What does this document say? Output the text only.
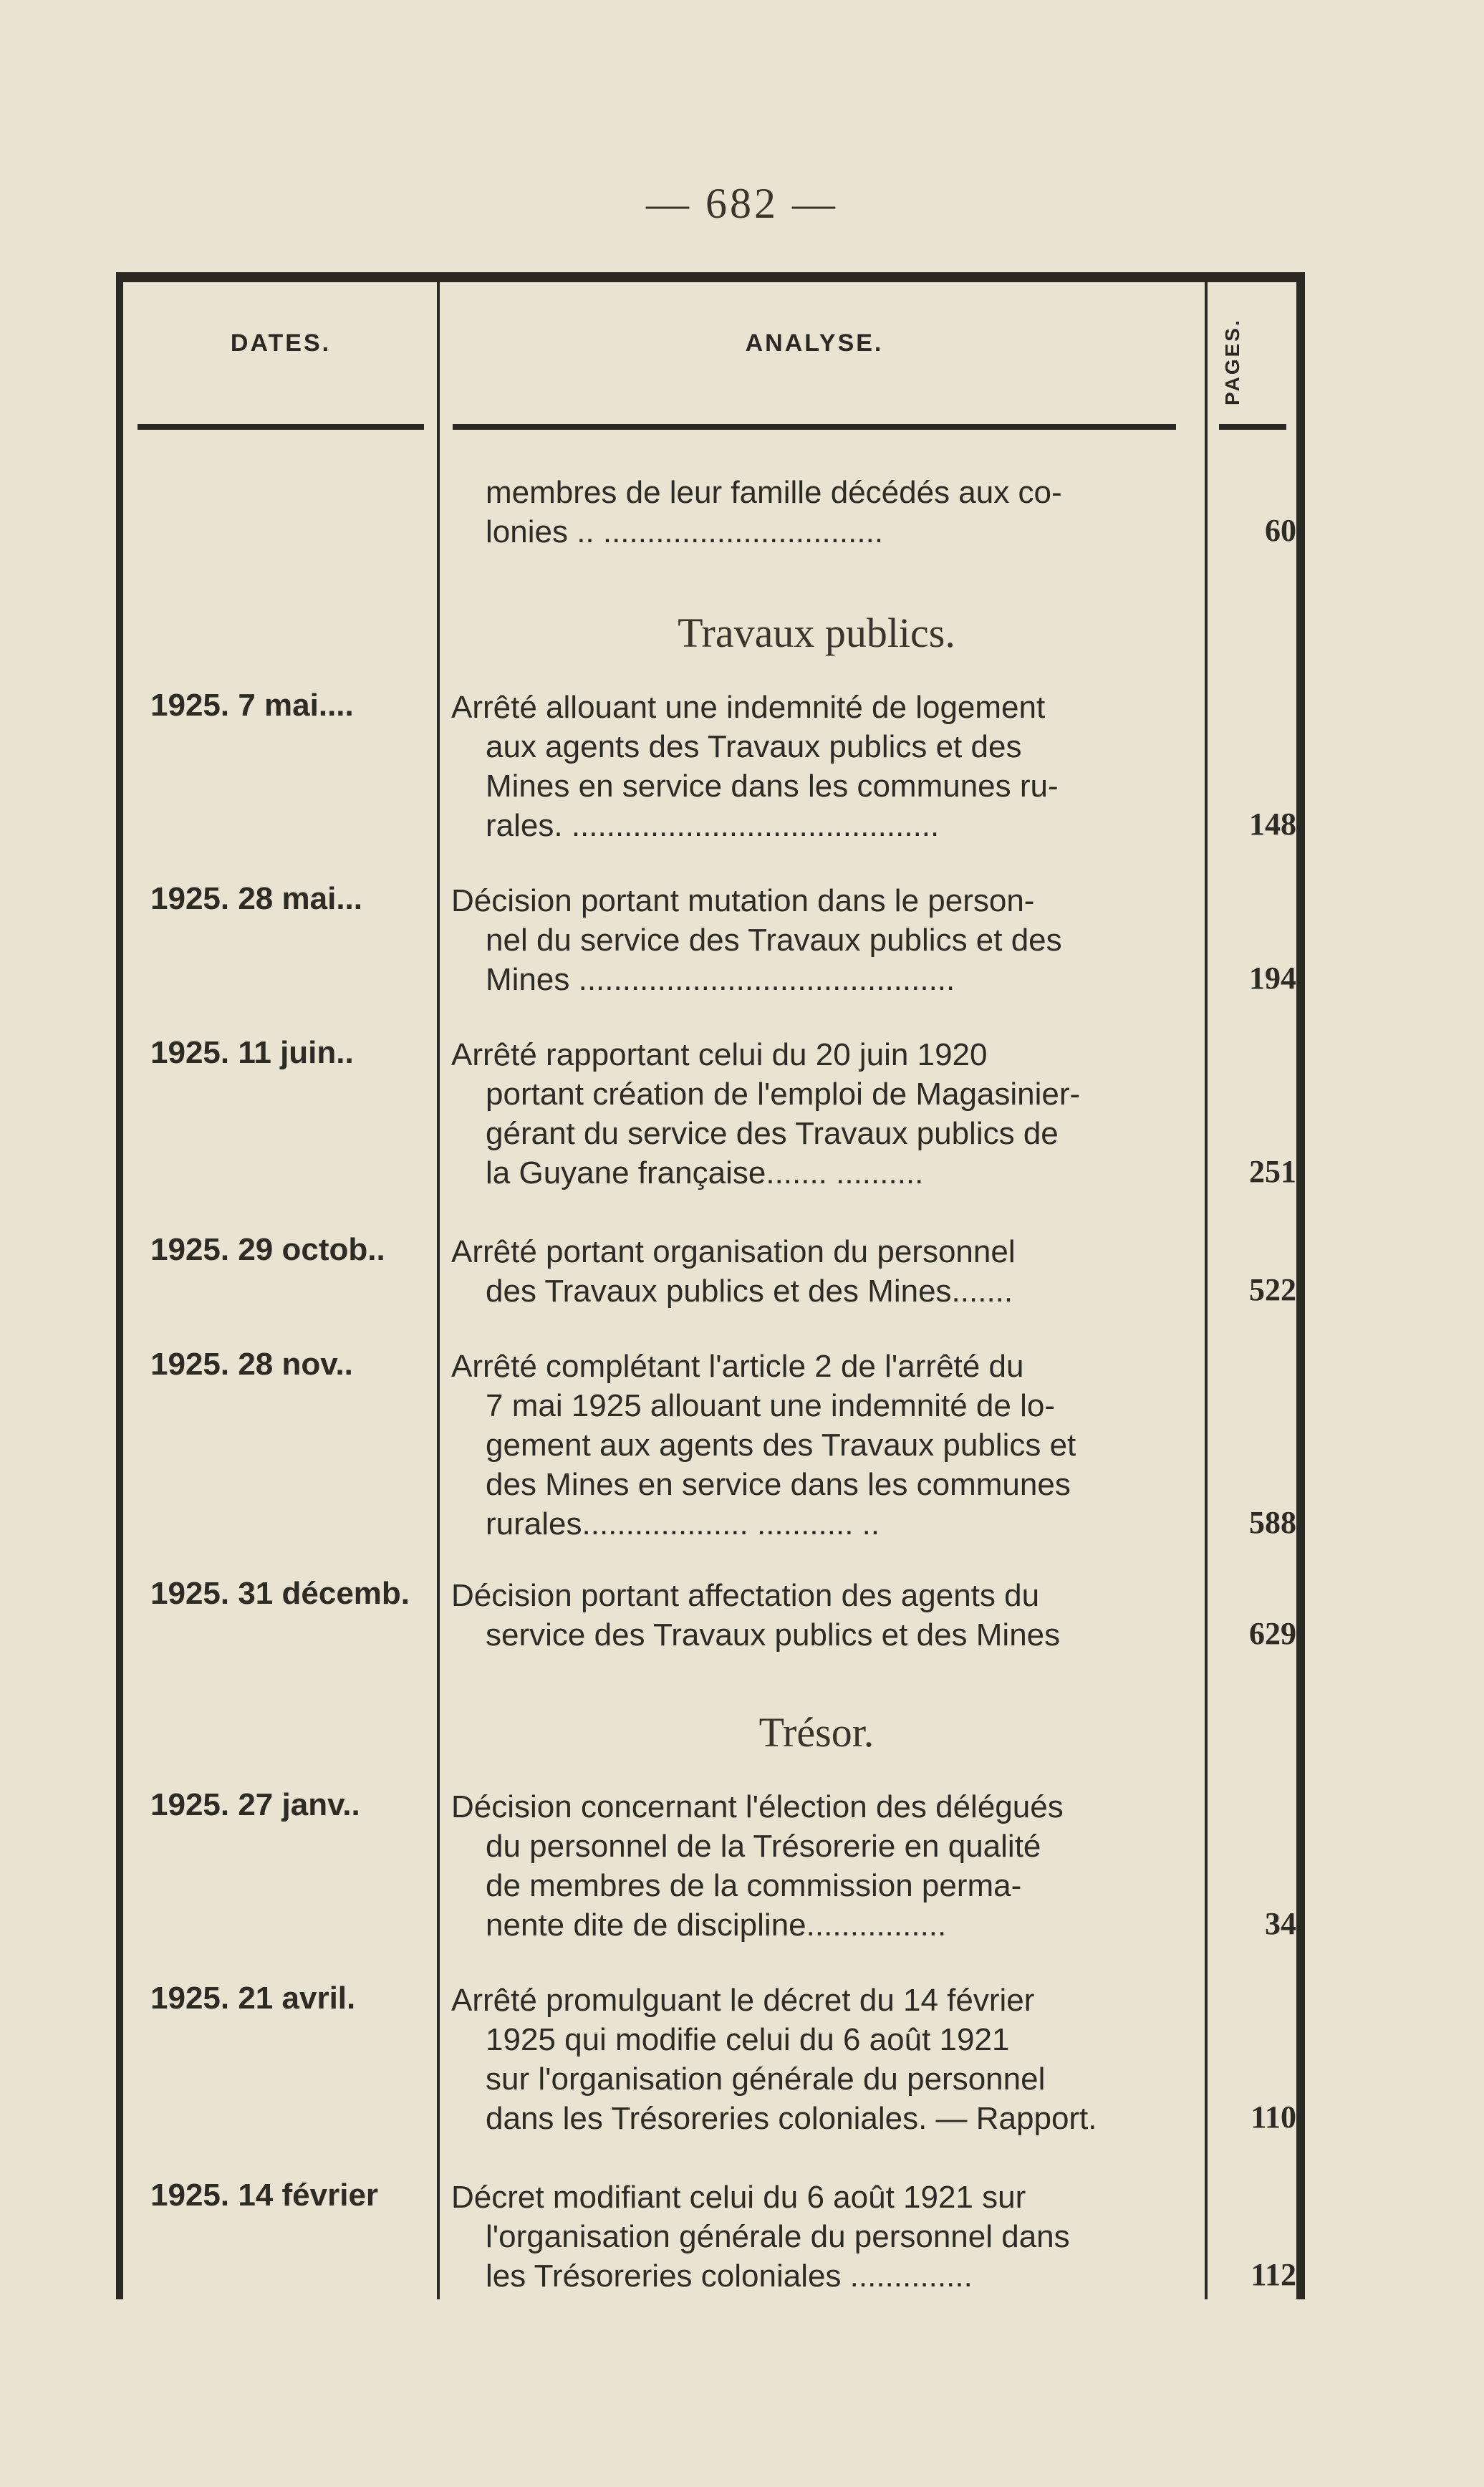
— 682 —
DATES.	ANALYSE.	PAGES.
membres de leur famille décédés aux co-
lonies .. ................................	60
Travaux publics.
1925. 7 mai....	Arrêté allouant une indemnité de logement
aux agents des Travaux publics et des
Mines en service dans les communes ru-
rales. ..........................................	148
1925. 28 mai...	Décision portant mutation dans le person-
nel du service des Travaux publics et des
Mines ...........................................	194
1925. 11 juin..	Arrêté rapportant celui du 20 juin 1920
portant création de l'emploi de Magasinier-
gérant du service des Travaux publics de
la Guyane française....... ..........	251
1925. 29 octob..	Arrêté portant organisation du personnel
des Travaux publics et des Mines.......	522
1925. 28 nov..	Arrêté complétant l'article 2 de l'arrêté du
7 mai 1925 allouant une indemnité de lo-
gement aux agents des Travaux publics et
des Mines en service dans les communes
rurales................... ........... ..	588
1925. 31 décemb.	Décision portant affectation des agents du
service des Travaux publics et des Mines	629
Trésor.
1925. 27 janv..	Décision concernant l'élection des délégués
du personnel de la Trésorerie en qualité
de membres de la commission perma-
nente dite de discipline................	34
1925. 21 avril.	Arrêté promulguant le décret du 14 février
1925 qui modifie celui du 6 août 1921
sur l'organisation générale du personnel
dans les Trésoreries coloniales. — Rapport.	110
1925. 14 février	Décret modifiant celui du 6 août 1921 sur
l'organisation générale du personnel dans
les Trésoreries coloniales ..............	112
